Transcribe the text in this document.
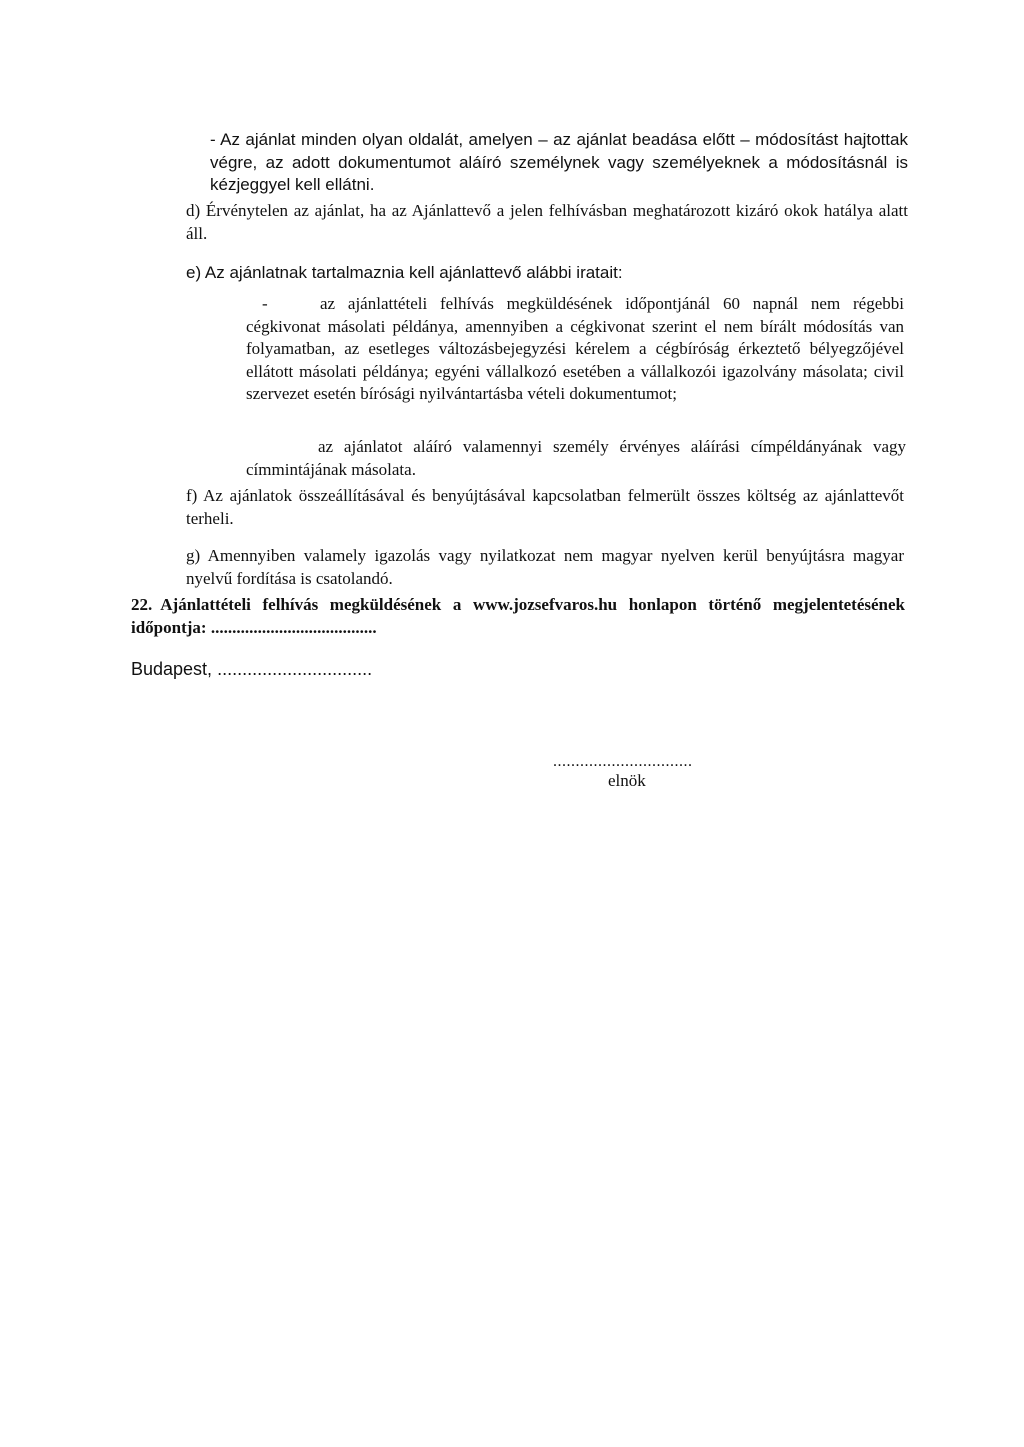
- Az ajánlat minden olyan oldalát, amelyen – az ajánlat beadása előtt – módosítást hajtottak végre, az adott dokumentumot aláíró személynek vagy személyeknek a módosításnál is kézjeggyel kell ellátni.

d) Érvénytelen az ajánlat, ha az Ajánlattevő a jelen felhívásban meghatározott kizáró okok hatálya alatt áll.

e) Az ajánlatnak tartalmaznia kell ajánlattevő alábbi iratait:

-	az ajánlattételi felhívás megküldésének időpontjánál 60 napnál nem régebbi cégkivonat másolati példánya, amennyiben a cégkivonat szerint el nem bírált módosítás van folyamatban, az esetleges változásbejegyzési kérelem a cégbíróság érkeztető bélyegzőjével ellátott másolati példánya; egyéni vállalkozó esetében a vállalkozói igazolvány másolata; civil szervezet esetén bírósági nyilvántartásba vételi dokumentumot;
az ajánlatot aláíró valamennyi személy érvényes aláírási címpéldányának vagy címmintájának másolata.

f) Az ajánlatok összeállításával és benyújtásával kapcsolatban felmerült összes költség az ajánlattevőt terheli.

g) Amennyiben valamely igazolás vagy nyilatkozat nem magyar nyelven kerül benyújtásra magyar nyelvű fordítása is csatolandó.

22. Ajánlattételi felhívás megküldésének a www.jozsefvaros.hu honlapon történő megjelentetésének időpontja: .......................................

Budapest, ...............................
...............................
elnök
